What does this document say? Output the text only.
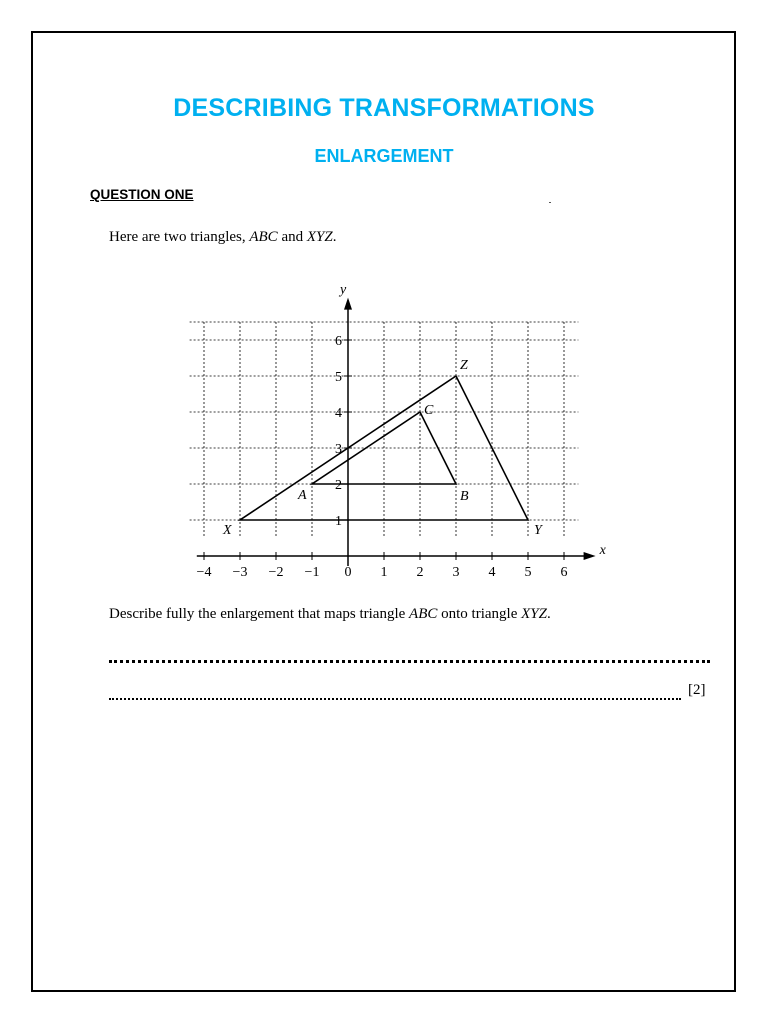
DESCRIBING TRANSFORMATIONS
ENLARGEMENT
QUESTION ONE
Here are two triangles, ABC and XYZ.
−4 −3 −2 −1 0 1 2 3 4 5 6
1
2
3
4
5
6
x
y
A	B
C
X	Y
Z
Describe fully the enlargement that maps triangle ABC onto triangle XYZ.
[2]
